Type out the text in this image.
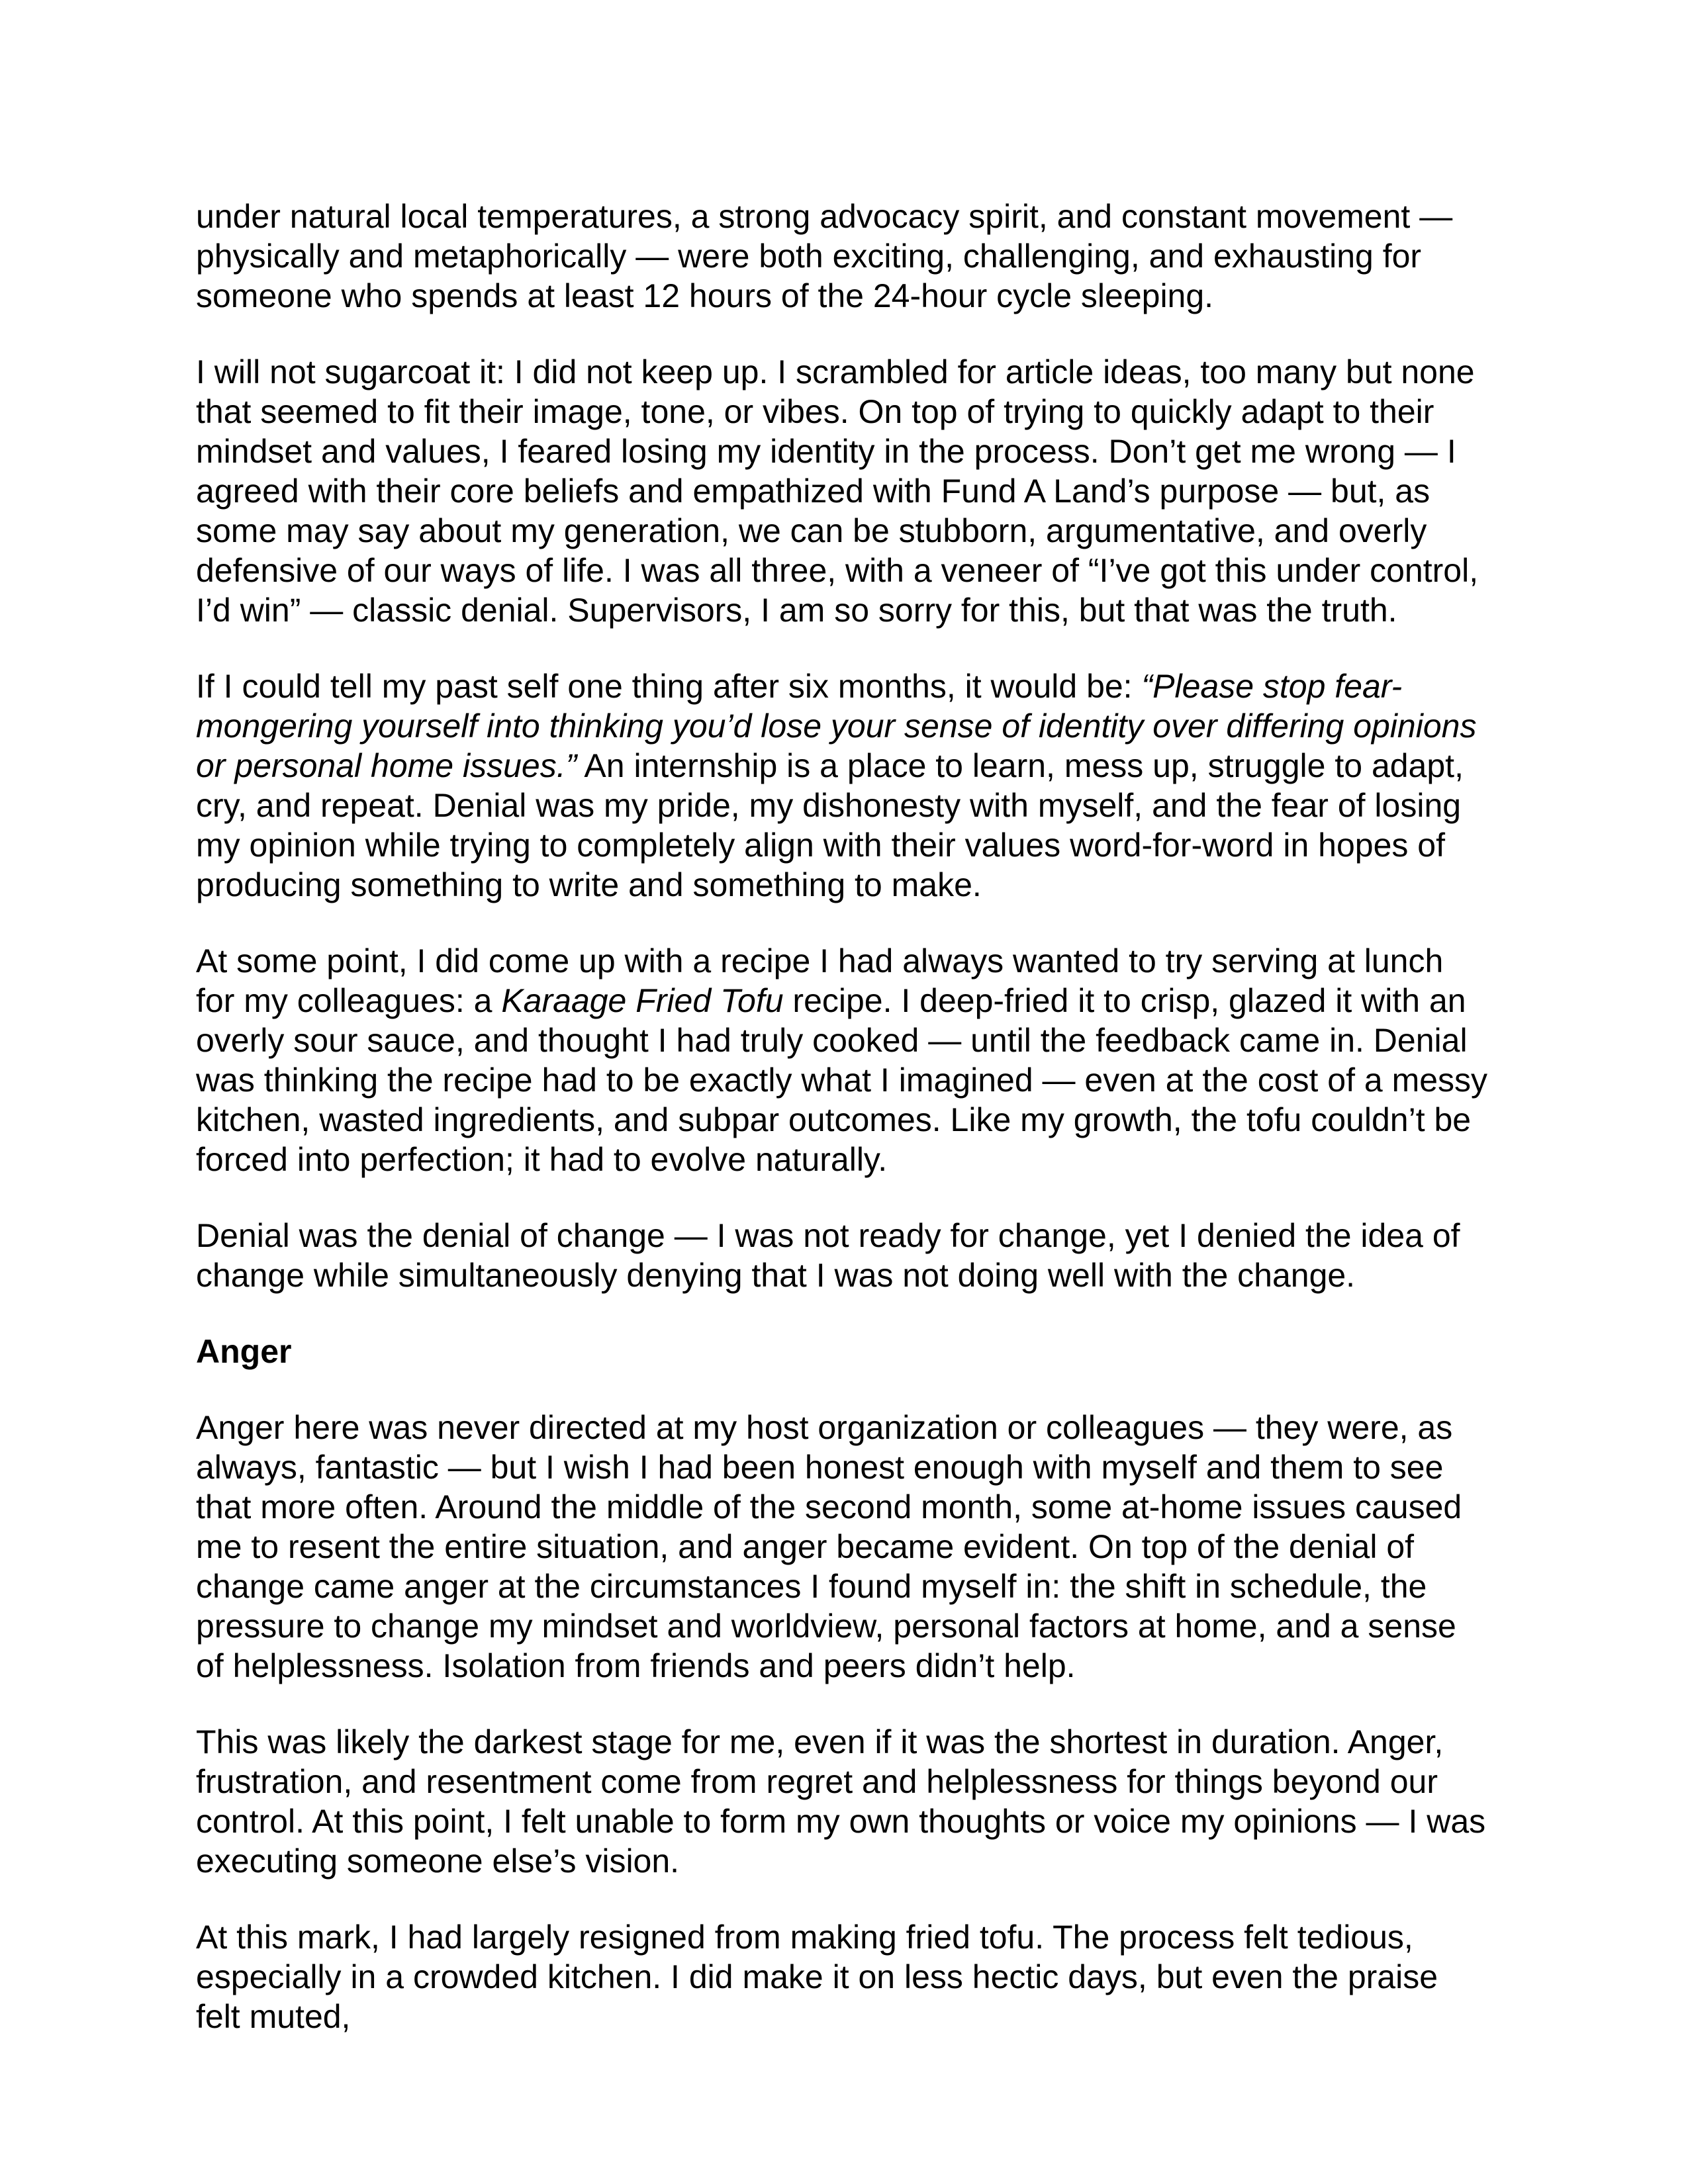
under natural local temperatures, a strong advocacy spirit, and constant movement — physically and metaphorically — were both exciting, challenging, and exhausting for someone who spends at least 12 hours of the 24-hour cycle sleeping.

I will not sugarcoat it: I did not keep up. I scrambled for article ideas, too many but none that seemed to fit their image, tone, or vibes. On top of trying to quickly adapt to their mindset and values, I feared losing my identity in the process. Don’t get me wrong — I agreed with their core beliefs and empathized with Fund A Land’s purpose — but, as some may say about my generation, we can be stubborn, argumentative, and overly defensive of our ways of life. I was all three, with a veneer of “I’ve got this under control, I’d win” — classic denial. Supervisors, I am so sorry for this, but that was the truth.

If I could tell my past self one thing after six months, it would be: “Please stop fear-mongering yourself into thinking you’d lose your sense of identity over differing opinions or personal home issues.” An internship is a place to learn, mess up, struggle to adapt, cry, and repeat. Denial was my pride, my dishonesty with myself, and the fear of losing my opinion while trying to completely align with their values word-for-word in hopes of producing something to write and something to make.

At some point, I did come up with a recipe I had always wanted to try serving at lunch for my colleagues: a Karaage Fried Tofu recipe. I deep-fried it to crisp, glazed it with an overly sour sauce, and thought I had truly cooked — until the feedback came in. Denial was thinking the recipe had to be exactly what I imagined — even at the cost of a messy kitchen, wasted ingredients, and subpar outcomes. Like my growth, the tofu couldn’t be forced into perfection; it had to evolve naturally.

Denial was the denial of change — I was not ready for change, yet I denied the idea of change while simultaneously denying that I was not doing well with the change.

Anger

Anger here was never directed at my host organization or colleagues — they were, as always, fantastic — but I wish I had been honest enough with myself and them to see that more often. Around the middle of the second month, some at-home issues caused me to resent the entire situation, and anger became evident. On top of the denial of change came anger at the circumstances I found myself in: the shift in schedule, the pressure to change my mindset and worldview, personal factors at home, and a sense of helplessness. Isolation from friends and peers didn’t help.

This was likely the darkest stage for me, even if it was the shortest in duration. Anger, frustration, and resentment come from regret and helplessness for things beyond our control. At this point, I felt unable to form my own thoughts or voice my opinions — I was executing someone else’s vision.

At this mark, I had largely resigned from making fried tofu. The process felt tedious, especially in a crowded kitchen. I did make it on less hectic days, but even the praise felt muted,
